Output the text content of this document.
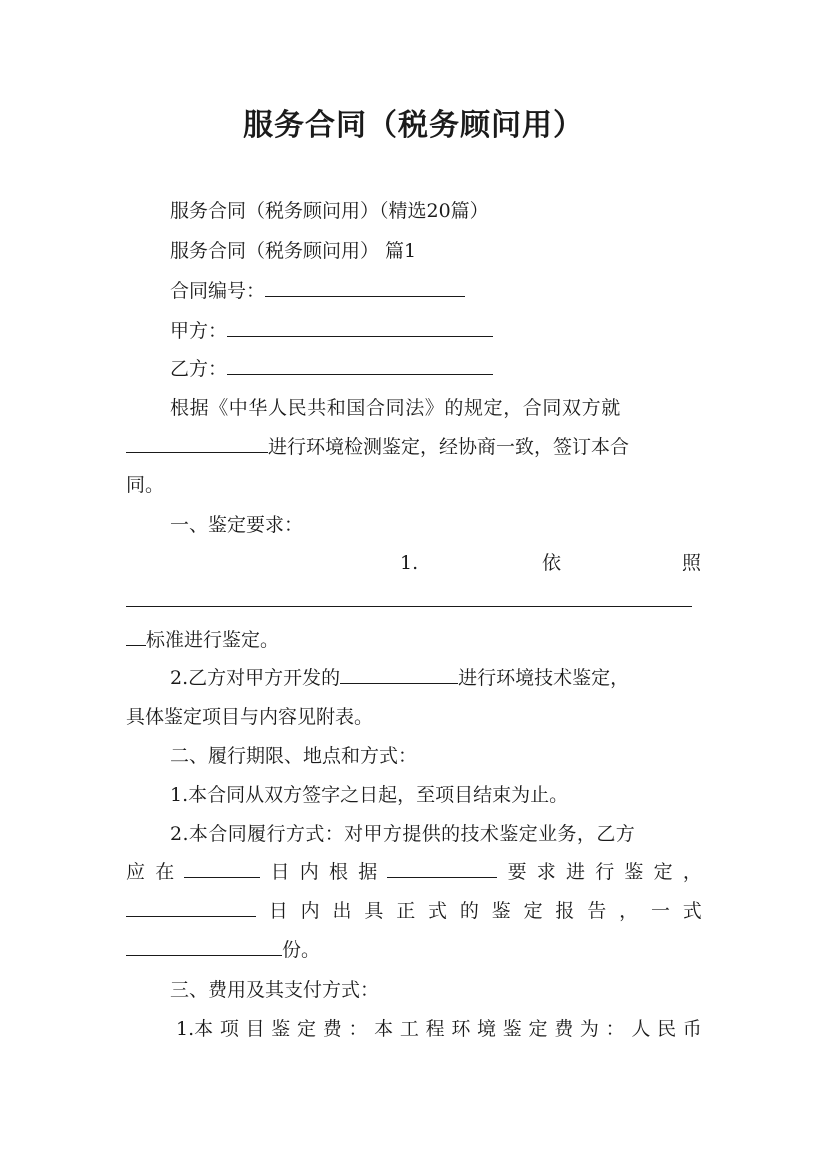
服务合同（税务顾问用）
服务合同（税务顾问用）（精选20篇）
服务合同（税务顾问用） 篇1
合同编号：
甲方：
乙方：
根据《中华人民共和国合同法》的规定，合同双方就
进行环境检测鉴定，经协商一致，签订本合
同。
一、鉴定要求：
1.	依	照
标准进行鉴定。
2.乙方对甲方开发的	进行环境技术鉴定，
具体鉴定项目与内容见附表。
二、履行期限、地点和方式：
1.本合同从双方签字之日起，至项目结束为止。
2.本合同履行方式：对甲方提供的技术鉴定业务，乙方
应 在	日 内 根 据	要 求 进 行 鉴 定 ，
日 内 出 具 正 式 的 鉴 定 报 告 ， 一 式
份。
三、费用及其支付方式：
1.本 项 目 鉴 定 费 ： 本 工 程 环 境 鉴 定 费 为 ： 人 民 币
